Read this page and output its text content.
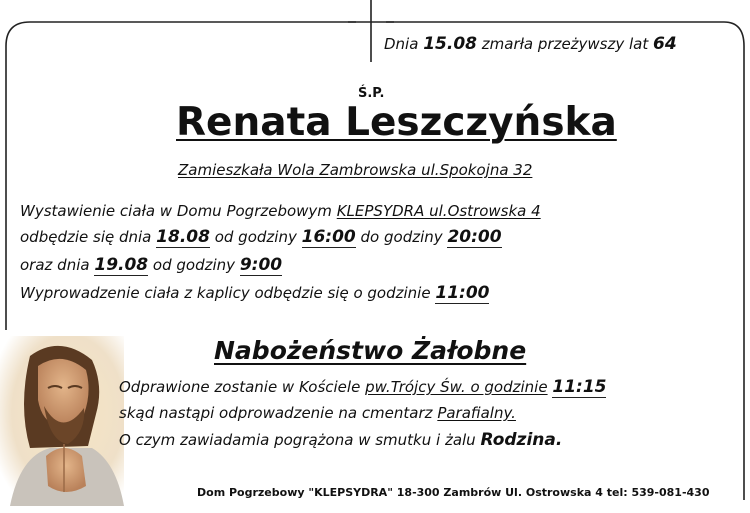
Dnia 15.08 zmarła przeżywszy lat 64
Ś.P.
Renata Leszczyńska
Zamieszkała Wola Zambrowska ul.Spokojna 32
Wystawienie ciała w Domu Pogrzebowym KLEPSYDRA ul.Ostrowska 4
odbędzie się dnia 18.08 od godziny 16:00 do godziny 20:00
oraz dnia 19.08 od godziny 9:00
Wyprowadzenie ciała z kaplicy odbędzie się o godzinie 11:00
Nabożeństwo Żałobne
Odprawione zostanie w Kościele pw.Trójcy Św. o godzinie 11:15
skąd nastąpi odprowadzenie na cmentarz Parafialny.
O czym zawiadamia pogrążona w smutku i żalu Rodzina.
Dom Pogrzebowy "KLEPSYDRA" 18-300 Zambrów Ul. Ostrowska 4 tel: 539-081-430
